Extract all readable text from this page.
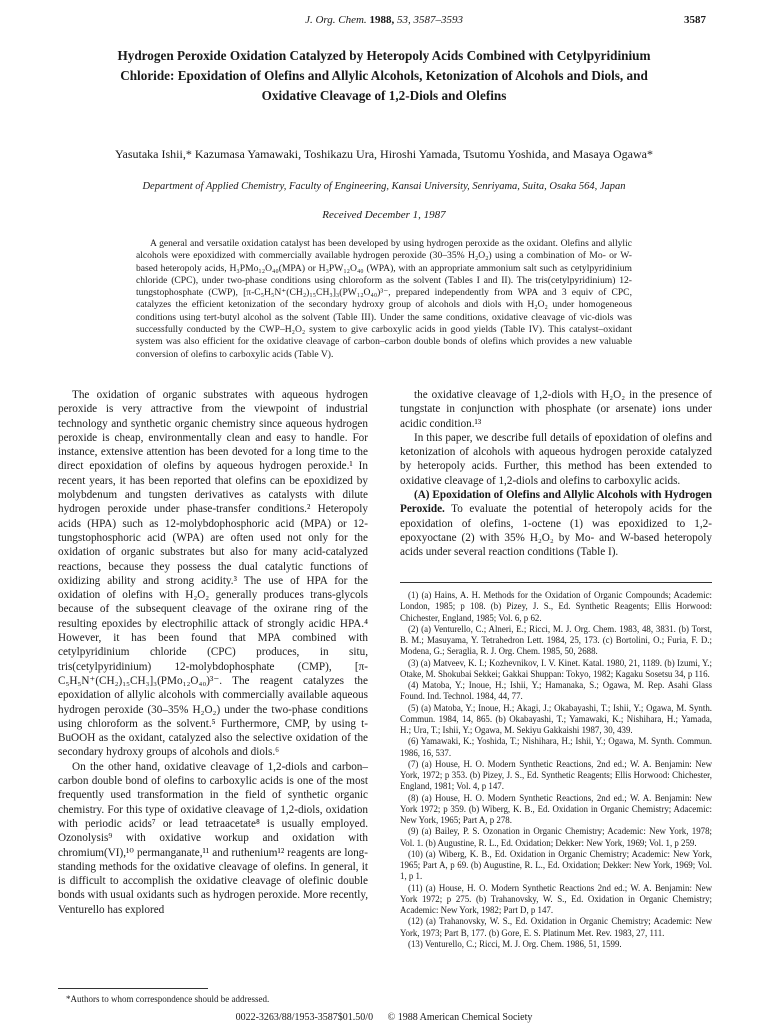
J. Org. Chem. 1988, 53, 3587–3593	3587
Hydrogen Peroxide Oxidation Catalyzed by Heteropoly Acids Combined with Cetylpyridinium Chloride: Epoxidation of Olefins and Allylic Alcohols, Ketonization of Alcohols and Diols, and Oxidative Cleavage of 1,2-Diols and Olefins
Yasutaka Ishii,* Kazumasa Yamawaki, Toshikazu Ura, Hiroshi Yamada, Tsutomu Yoshida, and Masaya Ogawa*
Department of Applied Chemistry, Faculty of Engineering, Kansai University, Senriyama, Suita, Osaka 564, Japan
Received December 1, 1987
A general and versatile oxidation catalyst has been developed by using hydrogen peroxide as the oxidant. Olefins and allylic alcohols were epoxidized with commercially available hydrogen peroxide (30–35% H₂O₂) using a combination of Mo- or W-based heteropoly acids, H₃PMo₁₂O₄₀(MPA) or H₃PW₁₂O₄₀ (WPA), with an appropriate ammonium salt such as cetylpyridinium chloride (CPC), under two-phase conditions using chloroform as the solvent (Tables I and II). The tris(cetylpyridinium) 12-tungstophosphate (CWP), [π-C₅H₅N⁺(CH₂)₁₅CH₃]₃(PW₁₂O₄₀)³⁻, prepared independently from WPA and 3 equiv of CPC, catalyzes the efficient ketonization of the secondary hydroxy group of alcohols and diols with H₂O₂ under homogeneous conditions using tert-butyl alcohol as the solvent (Table III). Under the same conditions, oxidative cleavage of vic-diols was successfully conducted by the CWP–H₂O₂ system to give carboxylic acids in good yields (Table IV). This catalyst–oxidant system was also efficient for the oxidative cleavage of carbon–carbon double bonds of olefins which provides a new valuable conversion of olefins to carboxylic acids (Table V).

The oxidation of organic substrates with aqueous hydrogen peroxide is very attractive from the viewpoint of industrial technology and synthetic organic chemistry since aqueous hydrogen peroxide is cheap, environmentally clean and easy to handle. For instance, extensive attention has been devoted for a long time to the direct epoxidation of olefins by aqueous hydrogen peroxide.¹ In recent years, it has been reported that olefins can be epoxidized by molybdenum and tungsten derivatives as catalysts with dilute hydrogen peroxide under phase-transfer conditions.² Heteropoly acids (HPA) such as 12-molybdophosphoric acid (MPA) or 12-tungstophosphoric acid (WPA) are often used not only for the oxidation of organic substrates but also for many acid-catalyzed reactions, because they possess the dual catalytic functions of oxidizing ability and strong acidity.³ The use of HPA for the oxidation of olefins with H₂O₂ generally produces trans-glycols because of the subsequent cleavage of the oxirane ring of the resulting epoxides by electrophilic attack of strongly acidic HPA.⁴ However, it has been found that MPA combined with cetylpyridinium chloride (CPC) produces, in situ, tris(cetylpyridinium) 12-molybdophosphate (CMP), [π-C₅H₅N⁺(CH₂)₁₅CH₃]₃(PMo₁₂O₄₀)³⁻. The reagent catalyzes the epoxidation of allylic alcohols with commercially available aqueous hydrogen peroxide (30–35% H₂O₂) under the two-phase conditions using chloroform as the solvent.⁵ Furthermore, CMP, by using t-BuOOH as the oxidant, catalyzed also the selective oxidation of the secondary hydroxy groups of alcohols and diols.⁶

On the other hand, oxidative cleavage of 1,2-diols and carbon–carbon double bond of olefins to carboxylic acids is one of the most frequently used transformation in the field of synthetic organic chemistry. For this type of oxidative cleavage of 1,2-diols, oxidation with periodic acids⁷ or lead tetraacetate⁸ is usually employed. Ozonolysis⁹ with oxidative workup and oxidation with chromium(VI),¹⁰ permanganate,¹¹ and ruthenium¹² reagents are long-standing methods for the oxidative cleavage of olefins. In general, it is difficult to accomplish the oxidative cleavage of olefinic double bonds with usual oxidants such as hydrogen peroxide. More recently, Venturello has explored

the oxidative cleavage of 1,2-diols with H₂O₂ in the presence of tungstate in conjunction with phosphate (or arsenate) ions under acidic condition.¹³

In this paper, we describe full details of epoxidation of olefins and ketonization of alcohols with aqueous hydrogen peroxide catalyzed by heteropoly acids. Further, this method has been extended to oxidative cleavage of 1,2-diols and olefins to carboxylic acids.

(A) Epoxidation of Olefins and Allylic Alcohols with Hydrogen Peroxide. To evaluate the potential of heteropoly acids for the epoxidation of olefins, 1-octene (1) was epoxidized to 1,2-epoxyoctane (2) with 35% H₂O₂ by Mo- and W-based heteropoly acids under several reaction conditions (Table I).

(1) (a) Hains, A. H. Methods for the Oxidation of Organic Compounds; Academic: London, 1985; p 108. (b) Pizey, J. S., Ed. Synthetic Reagents; Ellis Horwood: Chichester, England, 1985; Vol. 6, p 62.

(2) (a) Venturello, C.; Alneri, E.; Ricci, M. J. Org. Chem. 1983, 48, 3831. (b) Torst, B. M.; Masuyama, Y. Tetrahedron Lett. 1984, 25, 173. (c) Bortolini, O.; Furia, F. D.; Modena, G.; Seraglia, R. J. Org. Chem. 1985, 50, 2688.

(3) (a) Matveev, K. I.; Kozhevnikov, I. V. Kinet. Katal. 1980, 21, 1189. (b) Izumi, Y.; Otake, M. Shokubai Sekkei; Gakkai Shuppan: Tokyo, 1982; Kagaku Sosetsu 34, p 116.

(4) Matoba, Y.; Inoue, H.; Ishii, Y.; Hamanaka, S.; Ogawa, M. Rep. Asahi Glass Found. Ind. Technol. 1984, 44, 77.

(5) (a) Matoba, Y.; Inoue, H.; Akagi, J.; Okabayashi, T.; Ishii, Y.; Ogawa, M. Synth. Commun. 1984, 14, 865. (b) Okabayashi, T.; Yamawaki, K.; Nishihara, H.; Yamada, H.; Ura, T.; Ishii, Y.; Ogawa, M. Sekiyu Gakkaishi 1987, 30, 439.

(6) Yamawaki, K.; Yoshida, T.; Nishihara, H.; Ishii, Y.; Ogawa, M. Synth. Commun. 1986, 16, 537.

(7) (a) House, H. O. Modern Synthetic Reactions, 2nd ed.; W. A. Benjamin: New York, 1972; p 353. (b) Pizey, J. S., Ed. Synthetic Reagents; Ellis Horwood: Chichester, England, 1981; Vol. 4, p 147.

(8) (a) House, H. O. Modern Synthetic Reactions, 2nd ed.; W. A. Benjamin: New York 1972; p 359. (b) Wiberg, K. B., Ed. Oxidation in Organic Chemistry; Adacemic: New York, 1965; Part A, p 278.

(9) (a) Bailey, P. S. Ozonation in Organic Chemistry; Academic: New York, 1978; Vol. 1. (b) Augustine, R. L., Ed. Oxidation; Dekker: New York, 1969; Vol. 1, p 259.

(10) (a) Wiberg, K. B., Ed. Oxidation in Organic Chemistry; Academic: New York, 1965; Part A, p 69. (b) Augustine, R. L., Ed. Oxidation; Dekker: New York, 1969; Vol. 1, p 1.

(11) (a) House, H. O. Modern Synthetic Reactions 2nd ed.; W. A. Benjamin: New York 1972; p 275. (b) Trahanovsky, W. S., Ed. Oxidation in Organic Chemistry; Academic: New York, 1982; Part D, p 147.

(12) (a) Trahanovsky, W. S., Ed. Oxidation in Organic Chemistry; Academic: New York, 1973; Part B, 177. (b) Gore, E. S. Platinum Met. Rev. 1983, 27, 111.

(13) Venturello, C.; Ricci, M. J. Org. Chem. 1986, 51, 1599.

*Authors to whom correspondence should be addressed.
0022-3263/88/1953-3587$01.50/0 © 1988 American Chemical Society
